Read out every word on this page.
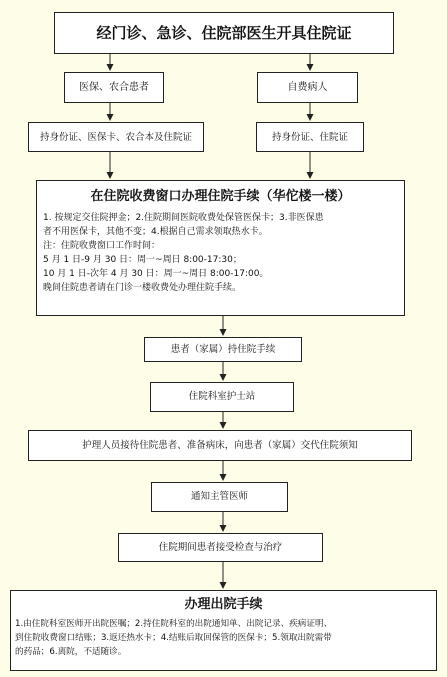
经门诊、急诊、住院部医生开具住院证
医保、农合患者
持身份证、医保卡、农合本及住院证
自费病人
持身份证、住院证
在住院收费窗口办理住院手续（华佗楼一楼）
1. 按规定交住院押金；2.住院期间医院收费处保管医保卡；3.非医保患
者不用医保卡，其他不变；4.根据自己需求领取热水卡。
注：住院收费窗口工作时间：
5 月 1 日-9 月 30 日：周一~周日 8:00-17:30；
10 月 1 日-次年 4 月 30 日：周一~周日 8:00-17:00。
晚间住院患者请在门诊一楼收费处办理住院手续。
患者（家属）持住院手续
住院科室护士站
护理人员接待住院患者、准备病床，向患者（家属）交代住院须知
通知主管医师
住院期间患者接受检查与治疗
办理出院手续
1.由住院科室医师开出院医嘱；2.持住院科室的出院通知单、出院记录、疾病证明、
到住院收费窗口结账；3.返还热水卡；4.结账后取回保管的医保卡；5.领取出院需带
的药品；6.离院，不适随诊。
